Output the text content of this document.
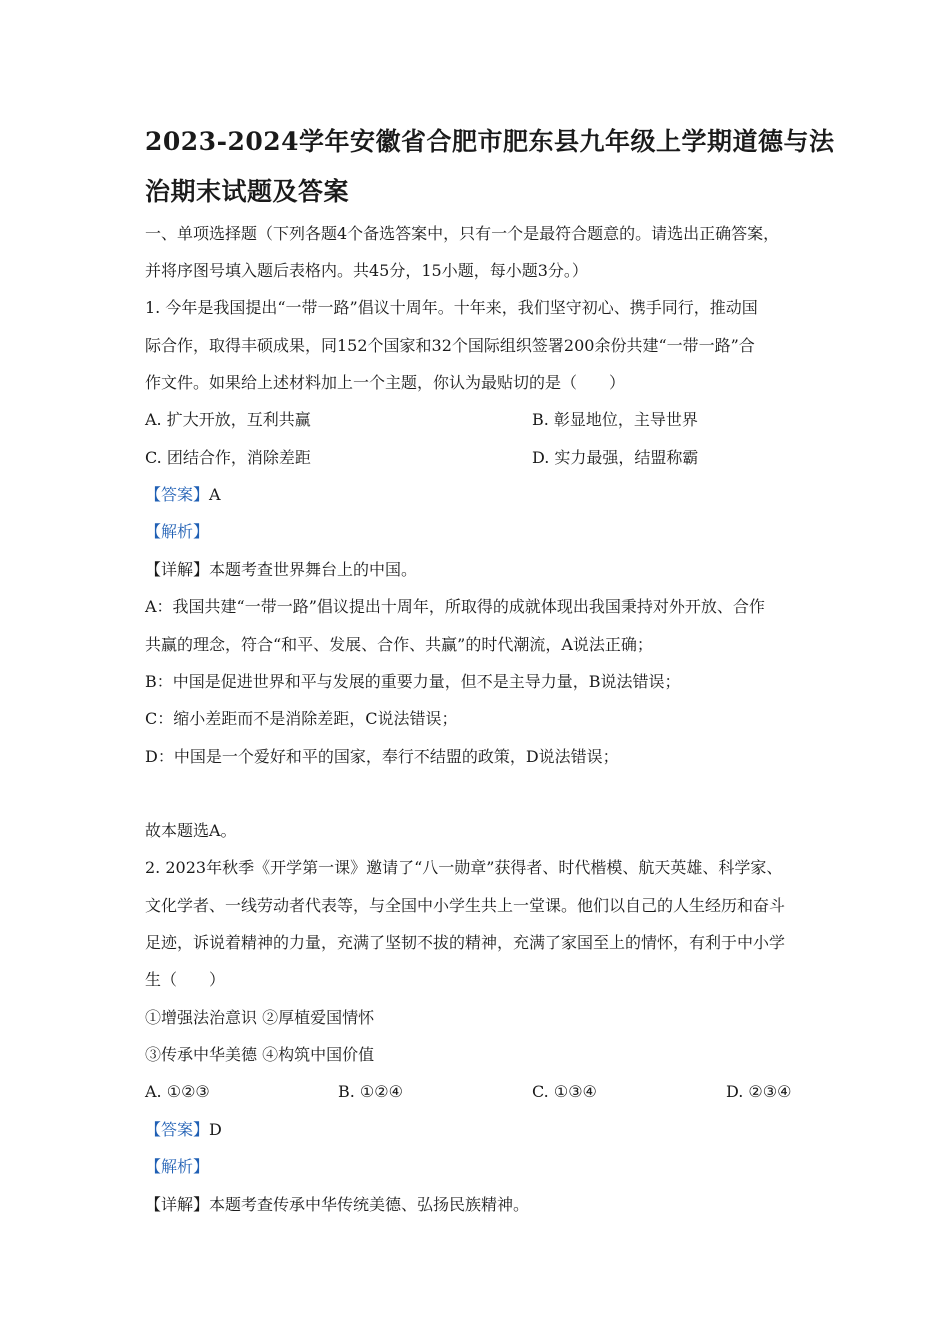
2023-2024学年安徽省合肥市肥东县九年级上学期道德与法
治期末试题及答案
一、单项选择题（下列各题4个备选答案中，只有一个是最符合题意的。请选出正确答案，
并将序图号填入题后表格内。共45分，15小题，每小题3分。）
1. 今年是我国提出“一带一路”倡议十周年。十年来，我们坚守初心、携手同行，推动国
际合作，取得丰硕成果，同152个国家和32个国际组织签署200余份共建“一带一路”合
作文件。如果给上述材料加上一个主题，你认为最贴切的是（　　）
A. 扩大开放，互利共赢	B. 彰显地位，主导世界
C. 团结合作，消除差距	D. 实力最强，结盟称霸
【答案】A
【解析】
【详解】本题考查世界舞台上的中国。
A：我国共建“一带一路”倡议提出十周年，所取得的成就体现出我国秉持对外开放、合作
共赢的理念，符合“和平、发展、合作、共赢”的时代潮流，A说法正确；
B：中国是促进世界和平与发展的重要力量，但不是主导力量，B说法错误；
C：缩小差距而不是消除差距，C说法错误；
D：中国是一个爱好和平的国家，奉行不结盟的政策，D说法错误；
故本题选A。
2. 2023年秋季《开学第一课》邀请了“八一勋章”获得者、时代楷模、航天英雄、科学家、
文化学者、一线劳动者代表等，与全国中小学生共上一堂课。他们以自己的人生经历和奋斗
足迹，诉说着精神的力量，充满了坚韧不拔的精神，充满了家国至上的情怀，有利于中小学
生（　　）
①增强法治意识 ②厚植爱国情怀
③传承中华美德 ④构筑中国价值
A. ①②③	B. ①②④	C. ①③④	D. ②③④
【答案】D
【解析】
【详解】本题考查传承中华传统美德、弘扬民族精神。
